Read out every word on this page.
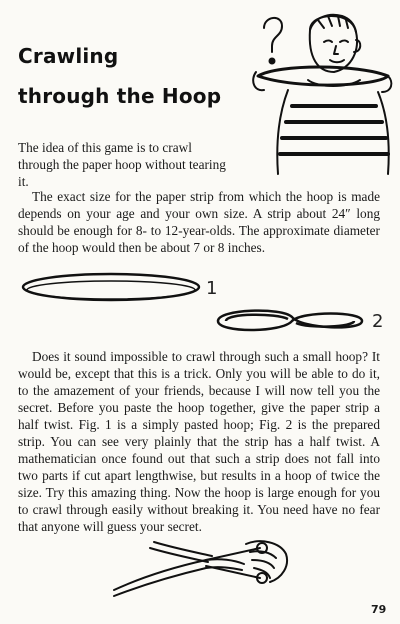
Crawling
through the Hoop

The idea of this game is to crawl through the paper hoop without tearing it.

The exact size for the paper strip from which the hoop is made depends on your age and your own size. A strip about 24″ long should be enough for 8- to 12-year-olds. The approximate diameter of the hoop would then be about 7 or 8 inches.

1
2

Does it sound impossible to crawl through such a small hoop? It would be, except that this is a trick. Only you will be able to do it, to the amazement of your friends, because I will now tell you the secret. Before you paste the hoop together, give the paper strip a half twist. Fig. 1 is a simply pasted hoop; Fig. 2 is the prepared strip. You can see very plainly that the strip has a half twist. A mathematician once found out that such a strip does not fall into two parts if cut apart lengthwise, but results in a hoop of twice the size. Try this amazing thing. Now the hoop is large enough for you to crawl through easily without breaking it. You need have no fear that anyone will guess your secret.

79
